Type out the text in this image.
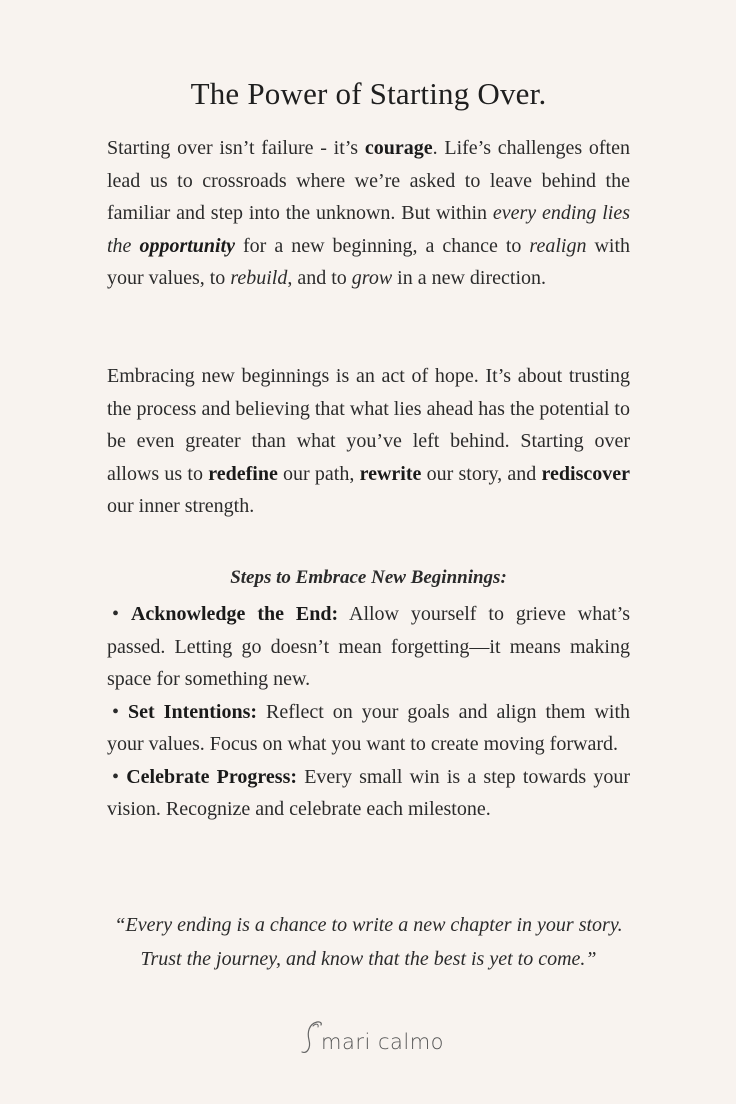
The Power of Starting Over.

Starting over isn’t failure - it’s courage. Life’s challenges often lead us to crossroads where we’re asked to leave behind the familiar and step into the unknown. But within every ending lies the opportunity for a new beginning, a chance to realign with your values, to rebuild, and to grow in a new direction.

Embracing new beginnings is an act of hope. It’s about trusting the process and believing that what lies ahead has the potential to be even greater than what you’ve left behind. Starting over allows us to redefine our path, rewrite our story, and rediscover our inner strength.

Steps to Embrace New Beginnings:
• Acknowledge the End: Allow yourself to grieve what’s passed. Letting go doesn’t mean forgetting—it means making space for something new.
• Set Intentions: Reflect on your goals and align them with your values. Focus on what you want to create moving forward.
• Celebrate Progress: Every small win is a step towards your vision. Recognize and celebrate each milestone.

“Every ending is a chance to write a new chapter in your story.
Trust the journey, and know that the best is yet to come.”

mari calmo
